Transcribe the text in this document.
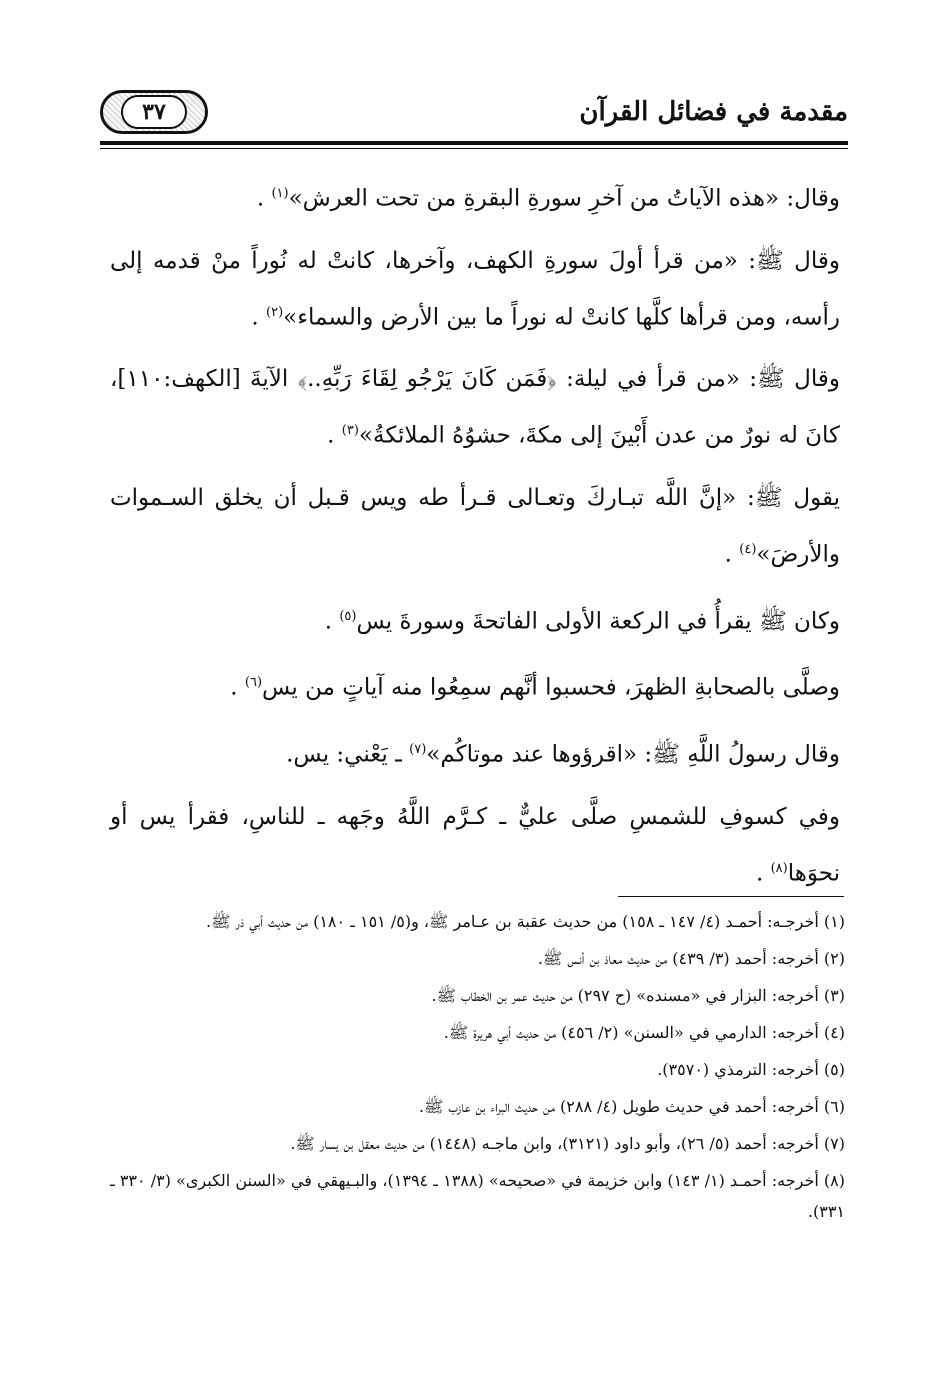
٣٧	مقدمة في فضائل القرآن

وقال: «هذه الآياتُ من آخرِ سورةِ البقرةِ من تحت العرش»$^{(١)}$ .

وقال ﷺ: «من قرأ أولَ سورةِ الكهف، وآخرها، كانتْ له نُوراً منْ قدمه إلى رأسه، ومن قرأها كلَّها كانتْ له نوراً ما بين الأرض والسماء»$^{(٢)}$ .

وقال ﷺ: «من قرأ في ليلة: ﴿فَمَن كَانَ يَرْجُو لِقَاءَ رَبِّهِ..﴾ الآيةَ [الكهف:١١٠]، كانَ له نورٌ من عدن أَبْينَ إلى مكةَ، حشوُهُ الملائكةُ»$^{(٣)}$ .

يقول ﷺ: «إنَّ اللَّه تبـاركَ وتعـالى قـرأ طه ويس قـبل أن يخلق السـموات والأرضَ»$^{(٤)}$ .

وكان ﷺ يقرأُ في الركعة الأولى الفاتحةَ وسورةَ يس$^{(٥)}$ .

وصلَّى بالصحابةِ الظهرَ، فحسبوا أنَّهم سمِعُوا منه آياتٍ من يس$^{(٦)}$ .

وقال رسولُ اللَّهِ ﷺ: «اقرؤوها عند موتاكُم»$^{(٧)}$ ـ يَعْني: يس.

وفي كسوفِ للشمسِ صلَّى عليٌّ ـ كـرَّم اللَّهُ وجَهه ـ للناسِ، فقرأ يس أو نحوَها$^{(٨)}$ .

(١) أخرجـه: أحمـد (٤/ ١٤٧ ـ ١٥٨) من حديث عقبة بن عـامر ﷺ، و(٥/ ١٥١ ـ ١٨٠) من حديث أبي ذر ﷺ.

(٢) أخرجه: أحمد (٣/ ٤٣٩) من حديث معاذ بن أنس ﷺ.

(٣) أخرجه: البزار في «مسنده» (ح ٢٩٧) من حديث عمر بن الخطاب ﷺ.

(٤) أخرجه: الدارمي في «السنن» (٢/ ٤٥٦) من حديث أبي هريرة ﷺ.

(٥) أخرجه: الترمذي (٣٥٧٠).

(٦) أخرجه: أحمد في حديث طويل (٤/ ٢٨٨) من حديث البراء بن عازب ﷺ.

(٧) أخرجه: أحمد (٥/ ٢٦)، وأبو داود (٣١٢١)، وابن ماجـه (١٤٤٨) من حديث معقل بن يسار ﷺ.

(٨) أخرجه: أحمـد (١/ ١٤٣) وابن خزيمة في «صحيحه» (١٣٨٨ ـ ١٣٩٤)، والبـيهقي في «السنن الكبرى» (٣/ ٣٣٠ ـ ٣٣١).
